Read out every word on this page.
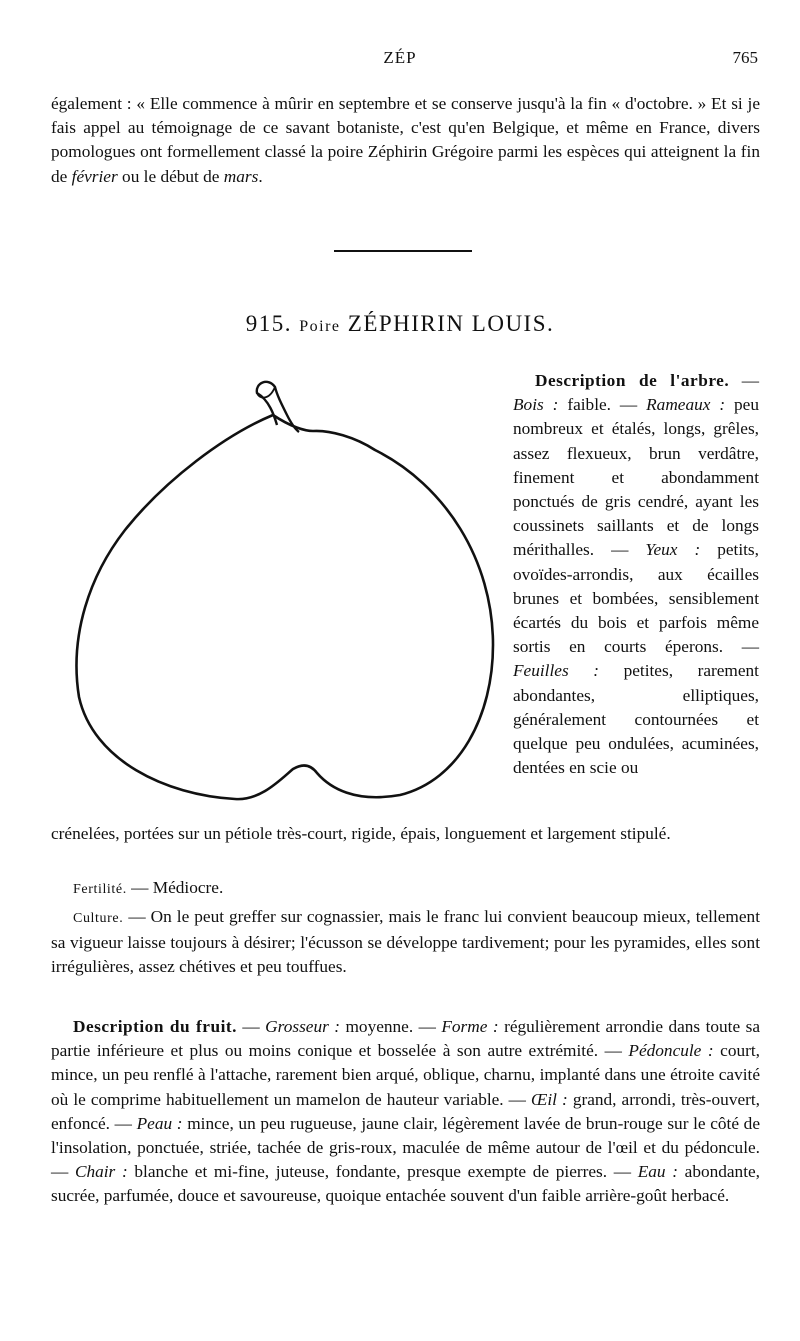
ZÉP	765
également : « Elle commence à mûrir en septembre et se conserve jusqu'à la fin « d'octobre. » Et si je fais appel au témoignage de ce savant botaniste, c'est qu'en Belgique, et même en France, divers pomologues ont formellement classé la poire Zéphirin Grégoire parmi les espèces qui atteignent la fin de février ou le début de mars.
915. Poire ZÉPHIRIN LOUIS.
Description de l'arbre. — Bois : faible. — Rameaux : peu nombreux et étalés, longs, grêles, assez flexueux, brun verdâtre, finement et abondamment ponctués de gris cendré, ayant les coussinets saillants et de longs mérithalles. — Yeux : petits, ovoïdes-arrondis, aux écailles brunes et bombées, sensiblement écartés du bois et parfois même sortis en courts éperons. — Feuilles : petites, rarement abondantes, elliptiques, généralement contournées et quelque peu ondulées, acuminées, dentées en scie ou
crénelées, portées sur un pétiole très-court, rigide, épais, longuement et largement stipulé.
Fertilité. — Médiocre.
Culture. — On le peut greffer sur cognassier, mais le franc lui convient beaucoup mieux, tellement sa vigueur laisse toujours à désirer; l'écusson se développe tardivement; pour les pyramides, elles sont irrégulières, assez chétives et peu touffues.
Description du fruit. — Grosseur : moyenne. — Forme : régulièrement arrondie dans toute sa partie inférieure et plus ou moins conique et bosselée à son autre extrémité. — Pédoncule : court, mince, un peu renflé à l'attache, rarement bien arqué, oblique, charnu, implanté dans une étroite cavité où le comprime habituellement un mamelon de hauteur variable. — Œil : grand, arrondi, très-ouvert, enfoncé. — Peau : mince, un peu rugueuse, jaune clair, légèrement lavée de brun-rouge sur le côté de l'insolation, ponctuée, striée, tachée de gris-roux, maculée de même autour de l'œil et du pédoncule. — Chair : blanche et mi-fine, juteuse, fondante, presque exempte de pierres. — Eau : abondante, sucrée, parfumée, douce et savoureuse, quoique entachée souvent d'un faible arrière-goût herbacé.
